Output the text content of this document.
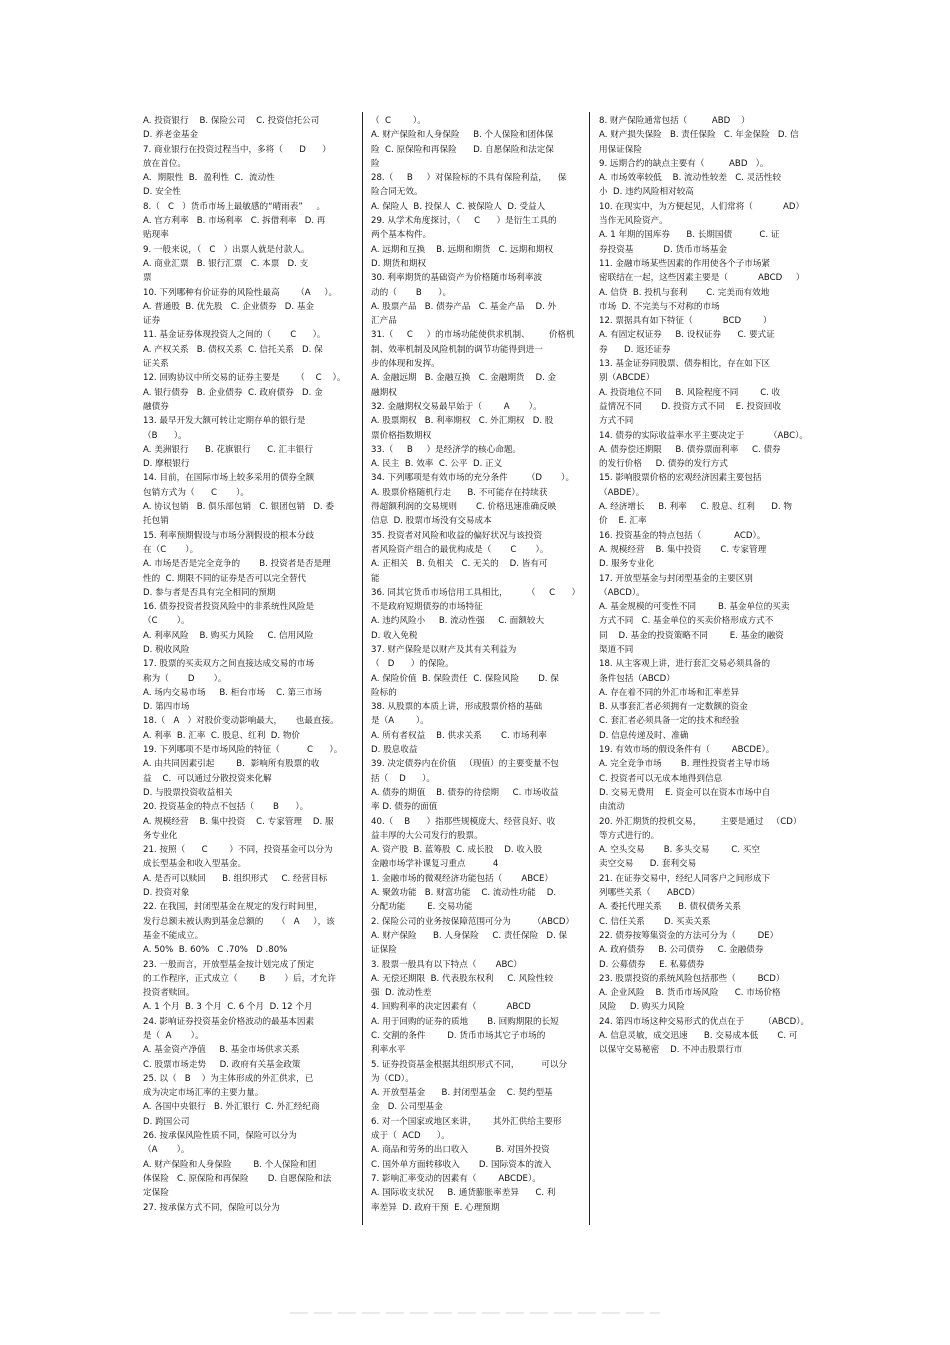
A. 投资银行    B. 保险公司    C. 投资信托公司
D. 养老金基金
7. 商业银行在投资过程当中，多将（      D      ）
放在首位。
A．期限性  B．盈利性  C．流动性
D. 安全性
8.（   C   ）货币市场上最敏感的“晴雨表”     。
A. 官方利率   B. 市场利率   C. 拆借利率   D. 再
贴现率
9. 一般来说，（   C   ）出票人就是付款人。
A. 商业汇票   B. 银行汇票   C. 本票   D. 支
票
10. 下列哪种有价证券的风险性最高      （A     ）。
A. 普通股  B. 优先股   C. 企业债券   D. 基金
证券
11. 基金证券体现投资人之间的（       C      ）。
A. 产权关系   B. 债权关系  C. 信托关系   D. 保
证关系
12. 回购协议中所交易的证券主要是      （    C    ）。
A. 银行债券   B. 企业债券  C. 政府债券   D. 金
融债券
13. 最早开发大额可转让定期存单的银行是
（B      ）。
A. 美洲银行      B. 花旗银行      C. 汇丰银行
D. 摩根银行
14. 目前，在国际市场上较多采用的债券全额
包销方式为（      C       ）。
A. 协议包销   B. 俱乐部包销   C. 银团包销   D. 委
托包销
15. 利率预期假设与市场分割假设的根本分歧
在（C       ）。
A. 市场是否是完全竞争的       B. 投资者是否是理
性的  C. 期限不同的证券是否可以完全替代
D. 参与者是否具有完全相同的预期
16. 债券投资者投资风险中的非系统性风险是
（C       ）。
A. 利率风险    B. 购买力风险     C. 信用风险
D. 税收风险
17. 股票的买卖双方之间直接达成交易的市场
称为（       D       ）。
A. 场内交易市场     B. 柜台市场    C. 第三市场
D. 第四市场
18.（   A   ）对股价变动影响最大，     也最直接。
A. 利率  B. 汇率  C. 股息、红利  D. 物价
19. 下列哪项不是市场风险的特征（          C      ）。
A. 由共同因素引起        B．影响所有股票的收
益    C．可以通过分散投资来化解
D. 与股票投资收益相关
20. 投资基金的特点不包括（       B      ）。
A. 规模经营    B. 集中投资    C. 专家管理    D. 服
务专业化
21. 按照（      C        ）不同，投资基金可以分为
成长型基金和收入型基金。
A. 是否可以赎回      B. 组织形式     C. 经营目标
D. 投资对象
22. 在我国，封闭型基金在规定的发行时间里，
发行总额未被认购到基金总额的     （   A     ），该
基金不能成立。
A. 50%  B. 60%   C .70%   D .80%
23. 一般而言，开放型基金按计划完成了预定
的工作程序，正式成立（        B       ）后，才允许
投资者赎回。
A. 1 个月  B. 3 个月  C. 6 个月  D. 12 个月
24. 影响证券投资基金价格波动的最基本因素
是（  A       ）。
A. 基金资产净值     B. 基金市场供求关系
C. 股票市场走势     D. 政府有关基金政策
25. 以（   B    ）为主体形成的外汇供求，已
成为决定市场汇率的主要力量。
A. 各国中央银行   B. 外汇银行  C. 外汇经纪商
D. 跨国公司
26. 按承保风险性质不同，保险可以分为
（A       ）。
A. 财产保险和人身保险        B. 个人保险和团
体保险   C. 原保险和再保险       D. 自愿保险和法
定保险
27. 按承保方式不同，保险可以分为
（  C        ）。
A. 财产保险和人身保险     B. 个人保险和团体保
险  C. 原保险和再保险      D. 自愿保险和法定保
险
28.（     B     ）对保险标的不具有保险利益，    保
险合同无效。
A. 保险人  B. 投保人  C. 被保险人  D. 受益人
29. 从学术角度探讨，（     C      ）是衍生工具的
两个基本构件。
A. 远期和互换    B. 远期和期货   C. 远期和期权
D. 期货和期权
30. 利率期货的基础资产为价格随市场利率波
动的（       B      ）。
A. 股票产品   B. 债券产品   C. 基金产品    D. 外
汇产品
31.（     C     ）的市场功能使供求机制、       价格机
制、效率机制及风险机制的调节功能得到进一
步的体现和发挥。
A. 金融远期   B. 金融互换   C. 金融期货    D. 金
融期权
32. 金融期权交易最早始于（        A       ）。
A. 股票期权   B. 利率期权   C. 外汇期权   D. 股
票价格指数期权
33.（     B     ）是经济学的核心命题。
A. 民主  B. 效率  C. 公平  D. 正义
34. 下列哪项是有效市场的充分条件       （D       ）。
A. 股票价格随机行走      B. 不可能存在持续获
得超额利润的交易规则       C. 价格迅速准确反映
信息  D. 股票市场没有交易成本
35. 投资者对风险和收益的偏好状况与该投资
者风险资产组合的最优构成是（       C       ）。
A. 正相关   B. 负相关   C. 无关的    D. 皆有可
能
36. 同其它货币市场信用工具相比，       （     C      ）
不是政府短期债券的市场特征
A. 违约风险小     B. 流动性强     C. 面额较大
D. 收入免税
37. 财产保险是以财产及其有关利益为
（   D      ）的保险。
A. 保险价值  B. 保险责任  C. 保险风险       D. 保
险标的
38. 从股票的本质上讲，形成股票价格的基础
是（A        ）。
A. 所有者权益    B. 供求关系       C. 市场利率
D. 股息收益
39. 决定债券内在价值   （现值）的主要变量不包
括（    D      ）。
A. 债券的期值    B. 债券的待偿期     C. 市场收益
率 D. 债券的面值
40.（    B      ）指那些规模庞大、经营良好、收
益丰厚的大公司发行的股票。
A. 资产股  B. 蓝筹股  C. 成长股    D. 收入股
金融市场学补课复习重点          4
1. 金融市场的微观经济功能包括（       ABCE）
A. 聚敛功能   B. 财富功能    C. 流动性功能    D.
分配功能        E. 交易功能
2. 保险公司的业务按保障范围可分为        （ABCD）
A. 财产保险      B. 人身保险     C. 责任保险   D. 保
证保险
3. 股票一般具有以下特点（       ABC）
A. 无偿还期限  B. 代表股东权利     C. 风险性较
强  D. 流动性差
4. 回购利率的决定因素有（           ABCD
A. 用于回购的证券的质地       B. 回购期限的长短
C. 交割的条件        D. 货币市场其它子市场的
利率水平
5. 证券投资基金根据其组织形式不同，        可以分
为（CD）。
A. 开放型基金      B. 封闭型基金    C. 契约型基
金   D. 公司型基金
6. 对一个国家或地区来讲，      其外汇供给主要形
成于（  ACD      ）。
A. 商品和劳务的出口收入          B. 对国外投资
C. 国外单方面转移收入       D. 国际资本的流入
7. 影响汇率变动的因素有（        ABCDE）。
A. 国际收支状况     B. 通货膨胀率差异      C. 利
率差异  D. 政府干预  E. 心理预期
8. 财产保险通常包括（         ABD    ）
A. 财产损失保险   B. 责任保险   C. 年金保险   D. 信
用保证保险
9. 远期合约的缺点主要有（         ABD   ）。
A. 市场效率较低    B. 流动性较差   C. 灵活性较
小  D. 违约风险相对较高
10. 在现实中，为方便起见，人们常将（           AD）
当作无风险资产。
A. 1 年期的国库券      B. 长期国债          C. 证
券投资基           D. 货币市场基金
11. 金融市场某些因素的作用使各个子市场紧
密联结在一起，这些因素主要是（           ABCD     ）
A. 信贷  B. 投机与套利       C. 完美而有效地
市场  D. 不完美与不对称的市场
12. 票据具有如下特征（           BCD        ）
A. 有固定权证券     B. 设权证券      C. 要式证
券      D. 返还证券
13. 基金证券同股票、债券相比，存在如下区
别（ABCDE）
A. 投资地位不同     B. 风险程度不同        C. 收
益情况不同       D. 投资方式不同    E. 投资回收
方式不同
14. 债券的实际收益率水平主要决定于         （ABC）。
A. 债券偿还期限     B. 债券票面利率     C. 债券
的发行价格     D. 债券的发行方式
15. 影响股票价格的宏观经济因素主要包括
（ABDE）。
A. 经济增长     B. 利率     C. 股息、红利      D. 物
价    E. 汇率
16. 投资基金的特点包括（            ACD）。
A. 规模经营    B. 集中投资       C. 专家管理
D. 服务专业化
17. 开放型基金与封闭型基金的主要区别
（ABCD）。
A. 基金规模的可变性不同        B. 基金单位的买卖
方式不同   C. 基金单位的买卖价格形成方式不
同    D. 基金的投资策略不同        E. 基金的融资
渠道不同
18. 从主客观上讲，进行套汇交易必须具备的
条件包括（ABCD）
A. 存在着不同的外汇市场和汇率差异
B. 从事套汇者必须拥有一定数额的资金
C. 套汇者必须具备一定的技术和经验
D. 信息传递及时、准确
19. 有效市场的假设条件有（        ABCDE）。
A. 完全竞争市场       B. 理性投资者主导市场
C. 投资者可以无成本地得到信息
D. 交易无费用    E. 资金可以在资本市场中自
由流动
20. 外汇期货的投机交易，       主要是通过   （CD）
等方式进行的。
A. 空头交易       B. 多头交易        C. 买空
卖空交易      D. 套利交易
21. 在证券交易中，经纪人同客户之间形成下
列哪些关系（      ABCD）
A. 委托代理关系      B. 债权债务关系
C. 信任关系       D. 买卖关系
22. 债券按筹集资金的方法可分为（        DE）
A. 政府债券     B. 公司债券     C. 金融债券
D. 公募债券     E. 私募债券
23. 股票投资的系统风险包括那些（        BCD）
A. 企业风险    B. 货币市场风险      C. 市场价格
风险     D. 购买力风险
24. 第四市场这种交易形式的优点在于       （ABCD）。
A. 信息灵敏，成交迅速      B. 交易成本低       C. 可
以保守交易秘密    D. 不冲击股票行市
